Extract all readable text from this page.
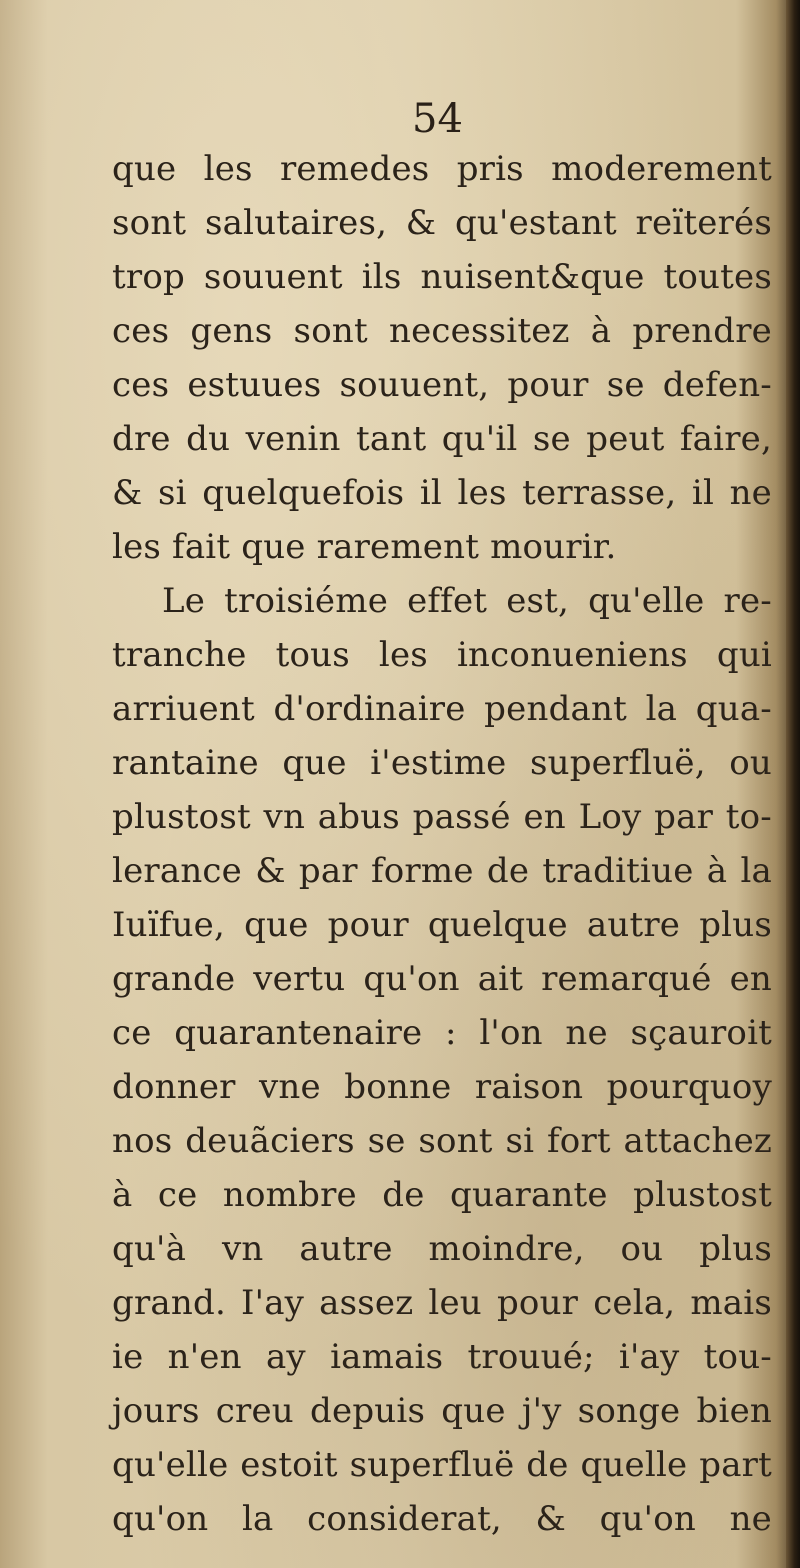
54
que les remedes pris moderement
sont salutaires, & qu'estant reïterés
trop souuent ils nuisent&que toutes
ces gens sont necessitez à prendre
ces estuues souuent, pour se defen-
dre du venin tant qu'il se peut faire,
& si quelquefois il les terrasse, il ne
les fait que rarement mourir.
Le troisiéme effet est, qu'elle re-
tranche tous les inconueniens qui
arriuent d'ordinaire pendant la qua-
rantaine que i'estime superfluë, ou
plustost vn abus passé en Loy par to-
lerance & par forme de traditiue à la
Iuïfue, que pour quelque autre plus
grande vertu qu'on ait remarqué en
ce quarantenaire : l'on ne sçauroit
donner vne bonne raison pourquoy
nos deuãciers se sont si fort attachez
à ce nombre de quarante plustost
qu'à vn autre moindre, ou plus
grand. I'ay assez leu pour cela, mais
ie n'en ay iamais trouué; i'ay tou-
jours creu depuis que j'y songe bien
qu'elle estoit superfluë de quelle part
qu'on la considerat, & qu'on ne
